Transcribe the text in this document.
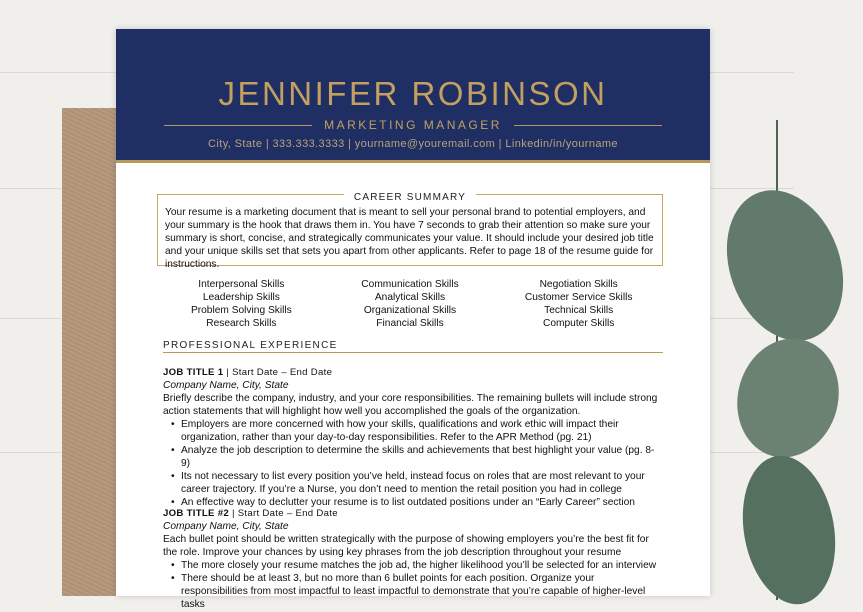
JENNIFER ROBINSON
MARKETING MANAGER
City, State | 333.333.3333 | yourname@youremail.com | Linkedin/in/yourname
CAREER SUMMARY
Your resume is a marketing document that is meant to sell your personal brand to potential employers, and your summary is the hook that draws them in. You have 7 seconds to grab their attention so make sure your summary is short, concise, and strategically communicates your value. It should include your desired job title and your unique skills set that sets you apart from other applicants. Refer to page 18 of the resume guide for instructions.
Interpersonal Skills	Communication Skills	Negotiation Skills
Leadership Skills	Analytical Skills	Customer Service Skills
Problem Solving Skills	Organizational Skills	Technical Skills
Research Skills	Financial Skills	Computer Skills
PROFESSIONAL EXPERIENCE
JOB TITLE 1 | Start Date – End Date
Company Name, City, State
Briefly describe the company, industry, and your core responsibilities. The remaining bullets will include strong action statements that will highlight how well you accomplished the goals of the organization.
• Employers are more concerned with how your skills, qualifications and work ethic will impact their organization, rather than your day-to-day responsibilities. Refer to the APR Method (pg. 21)
• Analyze the job description to determine the skills and achievements that best highlight your value (pg. 8-9)
• Its not necessary to list every position you’ve held, instead focus on roles that are most relevant to your career trajectory. If you’re a Nurse, you don’t need to mention the retail position you had in college
• An effective way to declutter your resume is to list outdated positions under an “Early Career” section
JOB TITLE #2 | Start Date – End Date
Company Name, City, State
Each bullet point should be written strategically with the purpose of showing employers you’re the best fit for the role. Improve your chances by using key phrases from the job description throughout your resume
• The more closely your resume matches the job ad, the higher likelihood you’ll be selected for an interview
• There should be at least 3, but no more than 6 bullet points for each position. Organize your responsibilities from most impactful to least impactful to demonstrate that you’re capable of higher-level tasks
